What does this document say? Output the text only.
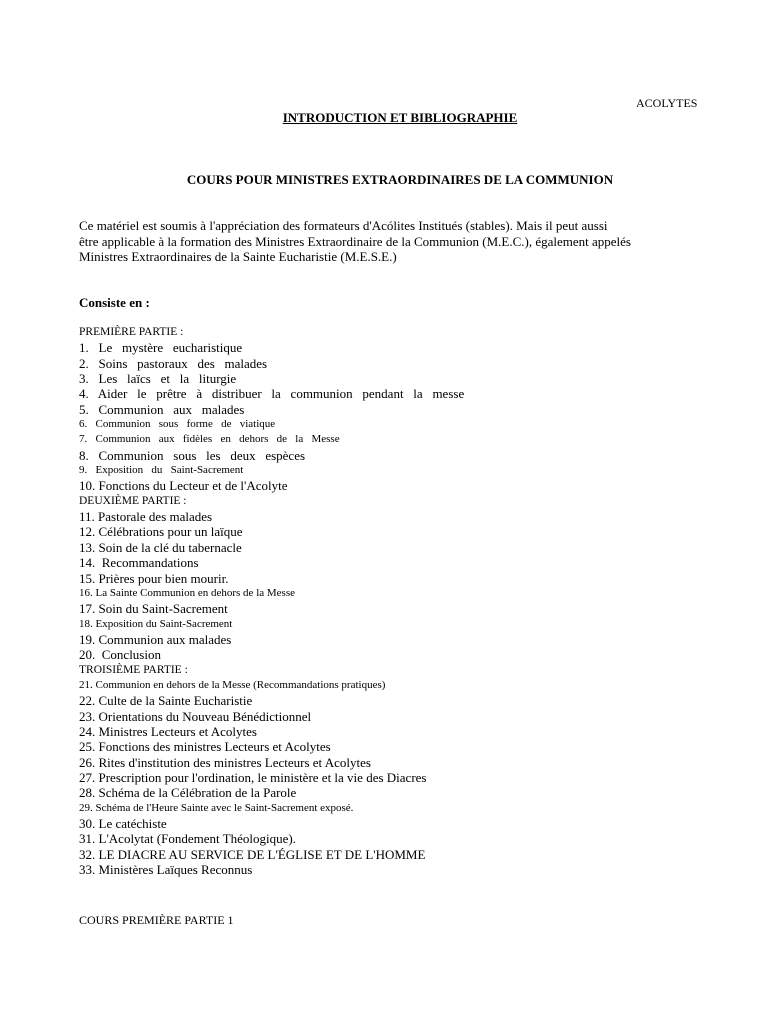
ACOLYTES
INTRODUCTION ET BIBLIOGRAPHIE
COURS POUR MINISTRES EXTRAORDINAIRES DE LA COMMUNION
Ce matériel est soumis à l'appréciation des formateurs d'Acólites Institués (stables). Mais il peut aussi
être applicable à la formation des Ministres Extraordinaire de la Communion (M.E.C.), également appelés
Ministres Extraordinaires de la Sainte Eucharistie (M.E.S.E.)
Consiste en :
PREMIÈRE PARTIE :
1.   Le   mystère   eucharistique
2.   Soins   pastoraux   des   malades
3.   Les   laïcs   et   la   liturgie
4.   Aider   le   prêtre   à   distribuer   la   communion   pendant   la   messe
5.   Communion   aux   malades
6.   Communion   sous   forme   de   viatique
7.   Communion   aux   fidèles   en   dehors   de   la   Messe
8.   Communion   sous   les   deux   espèces
9.   Exposition   du   Saint-Sacrement
10. Fonctions du Lecteur et de l'Acolyte
DEUXIÈME PARTIE :
11. Pastorale des malades
12. Célébrations pour un laïque
13. Soin de la clé du tabernacle
14.  Recommandations
15. Prières pour bien mourir.
16. La Sainte Communion en dehors de la Messe
17. Soin du Saint-Sacrement
18. Exposition du Saint-Sacrement
19. Communion aux malades
20.  Conclusion
TROISIÈME PARTIE :
21. Communion en dehors de la Messe (Recommandations pratiques)
22. Culte de la Sainte Eucharistie
23. Orientations du Nouveau Bénédictionnel
24. Ministres Lecteurs et Acolytes
25. Fonctions des ministres Lecteurs et Acolytes
26. Rites d'institution des ministres Lecteurs et Acolytes
27. Prescription pour l'ordination, le ministère et la vie des Diacres
28. Schéma de la Célébration de la Parole
29. Schéma de l'Heure Sainte avec le Saint-Sacrement exposé.
30. Le catéchiste
31. L'Acolytat (Fondement Théologique).
32. LE DIACRE AU SERVICE DE L'ÉGLISE ET DE L'HOMME
33. Ministères Laïques Reconnus
COURS PREMIÈRE PARTIE 1
